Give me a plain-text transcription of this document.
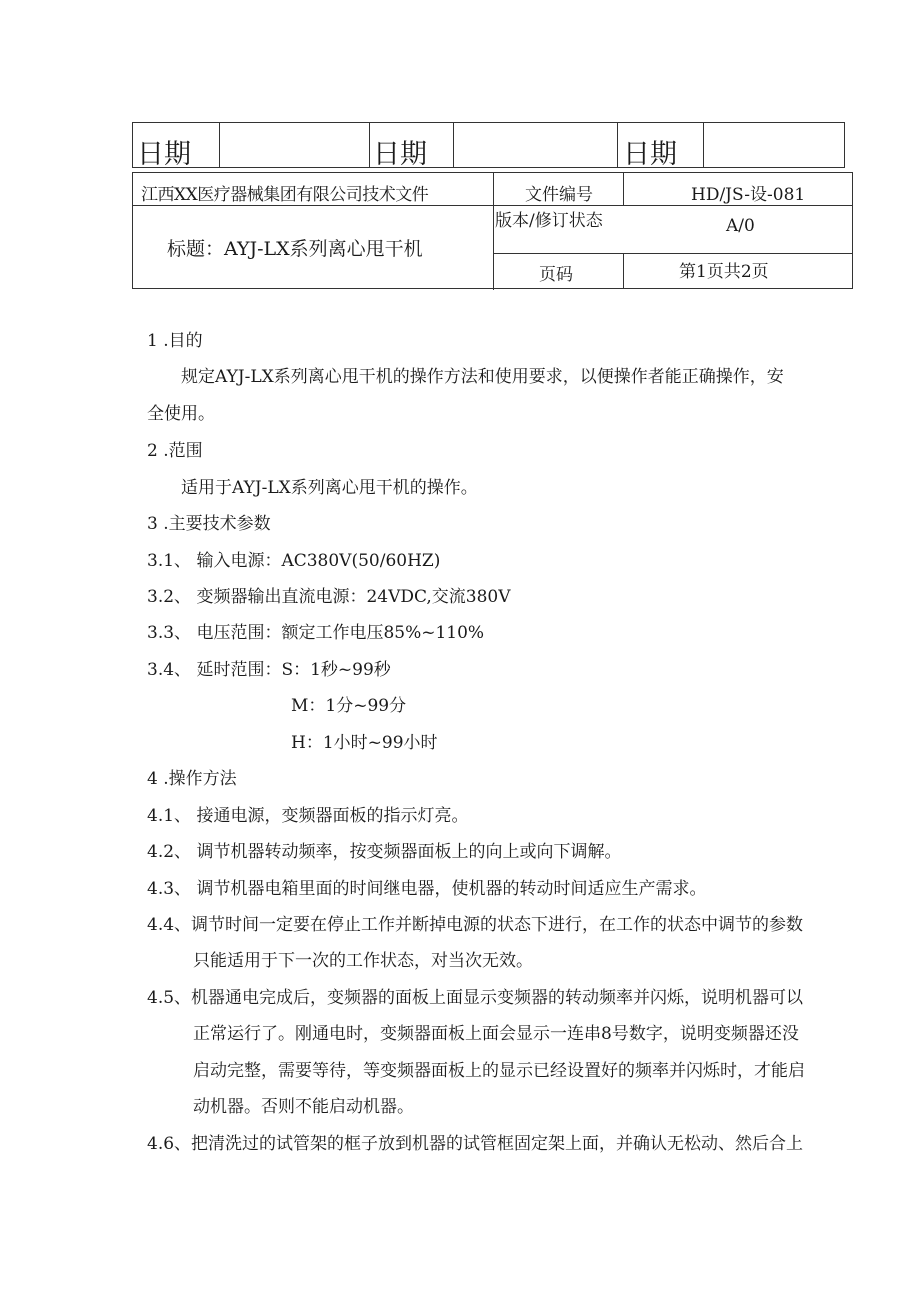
日期	日期	日期
江西XX医疗器械集团有限公司技术文件	文件编号	HD/JS-设-081
版本/修订状态	A/0
标题：AYJ-LX系列离心甩干机
页码	第1页共2页
1 .目的
规定AYJ-LX系列离心甩干机的操作方法和使用要求，以便操作者能正确操作，安
全使用。
2 .范围
适用于AYJ-LX系列离心甩干机的操作。
3 .主要技术参数
3.1、 输入电源：AC380V(50/60HZ)
3.2、 变频器输出直流电源：24VDC,交流380V
3.3、 电压范围：额定工作电压85%~110%
3.4、 延时范围：S：1秒~99秒
M：1分~99分
H：1小时~99小时
4 .操作方法
4.1、 接通电源，变频器面板的指示灯亮。
4.2、 调节机器转动频率，按变频器面板上的向上或向下调解。
4.3、 调节机器电箱里面的时间继电器，使机器的转动时间适应生产需求。
4.4、调节时间一定要在停止工作并断掉电源的状态下进行，在工作的状态中调节的参数
只能适用于下一次的工作状态，对当次无效。
4.5、机器通电完成后，变频器的面板上面显示变频器的转动频率并闪烁，说明机器可以
正常运行了。刚通电时，变频器面板上面会显示一连串8号数字，说明变频器还没
启动完整，需要等待，等变频器面板上的显示已经设置好的频率并闪烁时，才能启
动机器。否则不能启动机器。
4.6、把清洗过的试管架的框子放到机器的试管框固定架上面，并确认无松动、然后合上
